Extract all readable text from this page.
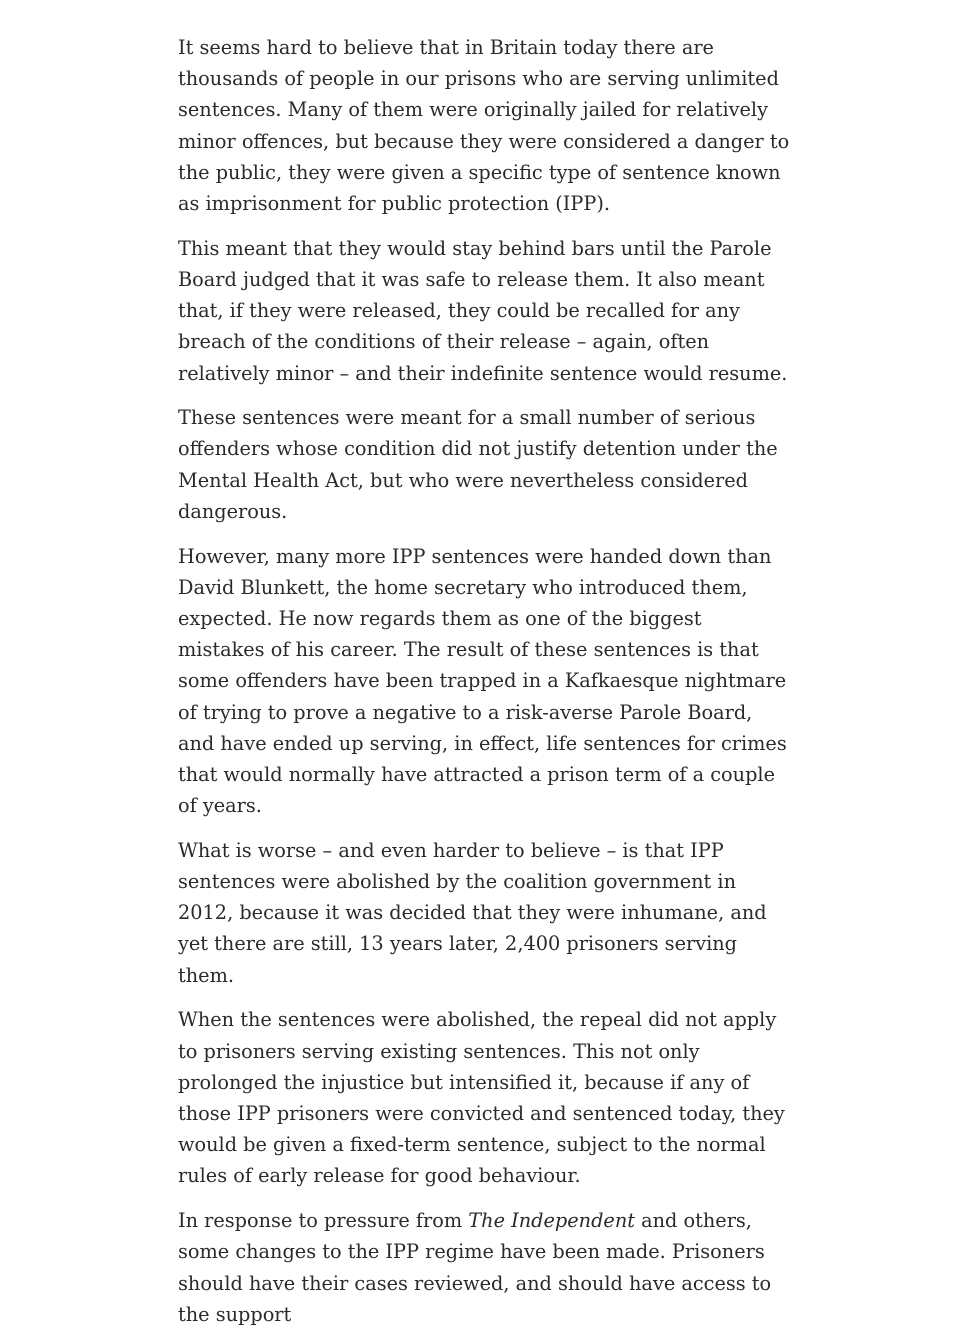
It seems hard to believe that in Britain today there are thousands of people in our prisons who are serving unlimited sentences. Many of them were originally jailed for relatively minor offences, but because they were considered a danger to the public, they were given a specific type of sentence known as imprisonment for public protection (IPP).

This meant that they would stay behind bars until the Parole Board judged that it was safe to release them. It also meant that, if they were released, they could be recalled for any breach of the conditions of their release – again, often relatively minor – and their indefinite sentence would resume.

These sentences were meant for a small number of serious offenders whose condition did not justify detention under the Mental Health Act, but who were nevertheless considered dangerous.

However, many more IPP sentences were handed down than David Blunkett, the home secretary who introduced them, expected. He now regards them as one of the biggest mistakes of his career. The result of these sentences is that some offenders have been trapped in a Kafkaesque nightmare of trying to prove a negative to a risk-averse Parole Board, and have ended up serving, in effect, life sentences for crimes that would normally have attracted a prison term of a couple of years.

What is worse – and even harder to believe – is that IPP sentences were abolished by the coalition government in 2012, because it was decided that they were inhumane, and yet there are still, 13 years later, 2,400 prisoners serving them.

When the sentences were abolished, the repeal did not apply to prisoners serving existing sentences. This not only prolonged the injustice but intensified it, because if any of those IPP prisoners were convicted and sentenced today, they would be given a fixed-term sentence, subject to the normal rules of early release for good behaviour.

In response to pressure from The Independent and others, some changes to the IPP regime have been made. Prisoners should have their cases reviewed, and should have access to the support
